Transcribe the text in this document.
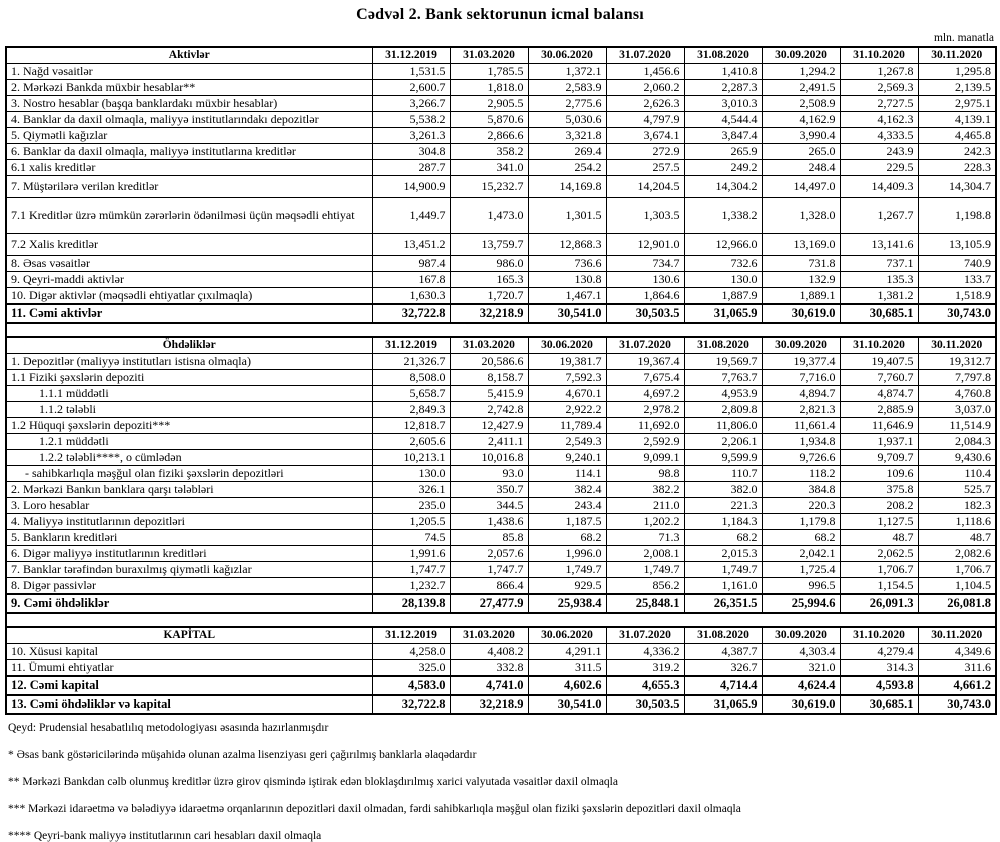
Cədvəl 2. Bank sektorunun icmal balansı
mln. manatla
Aktivlər	31.12.2019	31.03.2020	30.06.2020	31.07.2020	31.08.2020	30.09.2020	31.10.2020	30.11.2020
1. Nağd vəsaitlər	1,531.5	1,785.5	1,372.1	1,456.6	1,410.8	1,294.2	1,267.8	1,295.8
2. Mərkəzi Bankda müxbir hesablar**	2,600.7	1,818.0	2,583.9	2,060.2	2,287.3	2,491.5	2,569.3	2,139.5
3. Nostro hesablar (başqa banklardakı müxbir hesablar)	3,266.7	2,905.5	2,775.6	2,626.3	3,010.3	2,508.9	2,727.5	2,975.1
4. Banklar da daxil olmaqla, maliyyə institutlarındakı depozitlər	5,538.2	5,870.6	5,030.6	4,797.9	4,544.4	4,162.9	4,162.3	4,139.1
5. Qiymətli kağızlar	3,261.3	2,866.6	3,321.8	3,674.1	3,847.4	3,990.4	4,333.5	4,465.8
6. Banklar da daxil olmaqla, maliyyə institutlarına kreditlər	304.8	358.2	269.4	272.9	265.9	265.0	243.9	242.3
6.1 xalis kreditlər	287.7	341.0	254.2	257.5	249.2	248.4	229.5	228.3
7. Müştərilərə verilən kreditlər	14,900.9	15,232.7	14,169.8	14,204.5	14,304.2	14,497.0	14,409.3	14,304.7
7.1 Kreditlər üzrə mümkün zərərlərin ödənilməsi üçün məqsədli ehtiyat	1,449.7	1,473.0	1,301.5	1,303.5	1,338.2	1,328.0	1,267.7	1,198.8
7.2 Xalis kreditlər	13,451.2	13,759.7	12,868.3	12,901.0	12,966.0	13,169.0	13,141.6	13,105.9
8. Əsas vəsaitlər	987.4	986.0	736.6	734.7	732.6	731.8	737.1	740.9
9. Qeyri-maddi aktivlər	167.8	165.3	130.8	130.6	130.0	132.9	135.3	133.7
10. Digər aktivlər (məqsədli ehtiyatlar çıxılmaqla)	1,630.3	1,720.7	1,467.1	1,864.6	1,887.9	1,889.1	1,381.2	1,518.9
11. Cəmi aktivlər	32,722.8	32,218.9	30,541.0	30,503.5	31,065.9	30,619.0	30,685.1	30,743.0

Öhdəliklər	31.12.2019	31.03.2020	30.06.2020	31.07.2020	31.08.2020	30.09.2020	31.10.2020	30.11.2020
1. Depozitlər (maliyyə institutları istisna olmaqla)	21,326.7	20,586.6	19,381.7	19,367.4	19,569.7	19,377.4	19,407.5	19,312.7
1.1 Fiziki şəxslərin depoziti	8,508.0	8,158.7	7,592.3	7,675.4	7,763.7	7,716.0	7,760.7	7,797.8
1.1.1 müddətli	5,658.7	5,415.9	4,670.1	4,697.2	4,953.9	4,894.7	4,874.7	4,760.8
1.1.2 tələbli	2,849.3	2,742.8	2,922.2	2,978.2	2,809.8	2,821.3	2,885.9	3,037.0
1.2 Hüquqi şəxslərin depoziti***	12,818.7	12,427.9	11,789.4	11,692.0	11,806.0	11,661.4	11,646.9	11,514.9
1.2.1 müddətli	2,605.6	2,411.1	2,549.3	2,592.9	2,206.1	1,934.8	1,937.1	2,084.3
1.2.2 tələbli****, o cümlədən	10,213.1	10,016.8	9,240.1	9,099.1	9,599.9	9,726.6	9,709.7	9,430.6
- sahibkarlıqla məşğul olan fiziki şəxslərin depozitləri	130.0	93.0	114.1	98.8	110.7	118.2	109.6	110.4
2. Mərkəzi Bankın banklara qarşı tələbləri	326.1	350.7	382.4	382.2	382.0	384.8	375.8	525.7
3. Loro hesablar	235.0	344.5	243.4	211.0	221.3	220.3	208.2	182.3
4. Maliyyə institutlarının depozitləri	1,205.5	1,438.6	1,187.5	1,202.2	1,184.3	1,179.8	1,127.5	1,118.6
5. Bankların kreditləri	74.5	85.8	68.2	71.3	68.2	68.2	48.7	48.7
6. Digər maliyyə institutlarının kreditləri	1,991.6	2,057.6	1,996.0	2,008.1	2,015.3	2,042.1	2,062.5	2,082.6
7. Banklar tərəfindən buraxılmış qiymətli kağızlar	1,747.7	1,747.7	1,749.7	1,749.7	1,749.7	1,725.4	1,706.7	1,706.7
8. Digər passivlər	1,232.7	866.4	929.5	856.2	1,161.0	996.5	1,154.5	1,104.5
9. Cəmi öhdəliklər	28,139.8	27,477.9	25,938.4	25,848.1	26,351.5	25,994.6	26,091.3	26,081.8

KAPİTAL	31.12.2019	31.03.2020	30.06.2020	31.07.2020	31.08.2020	30.09.2020	31.10.2020	30.11.2020
10. Xüsusi kapital	4,258.0	4,408.2	4,291.1	4,336.2	4,387.7	4,303.4	4,279.4	4,349.6
11. Ümumi ehtiyatlar	325.0	332.8	311.5	319.2	326.7	321.0	314.3	311.6
12. Cəmi kapital	4,583.0	4,741.0	4,602.6	4,655.3	4,714.4	4,624.4	4,593.8	4,661.2
13. Cəmi öhdəliklər və kapital	32,722.8	32,218.9	30,541.0	30,503.5	31,065.9	30,619.0	30,685.1	30,743.0

Qeyd: Prudensial hesabatlılıq metodologiyası əsasında hazırlanmışdır

* Əsas bank göstəricilərində müşahidə olunan azalma lisenziyası geri çağırılmış banklarla əlaqədardır

** Mərkəzi Bankdan cəlb olunmuş kreditlər üzrə girov qismində iştirak edən bloklaşdırılmış xarici valyutada vəsaitlər daxil olmaqla

*** Mərkəzi idarəetmə və bələdiyyə idarəetmə orqanlarının depozitləri daxil olmadan, fərdi sahibkarlıqla məşğul olan fiziki şəxslərin depozitləri daxil olmaqla

**** Qeyri-bank maliyyə institutlarının cari hesabları daxil olmaqla
